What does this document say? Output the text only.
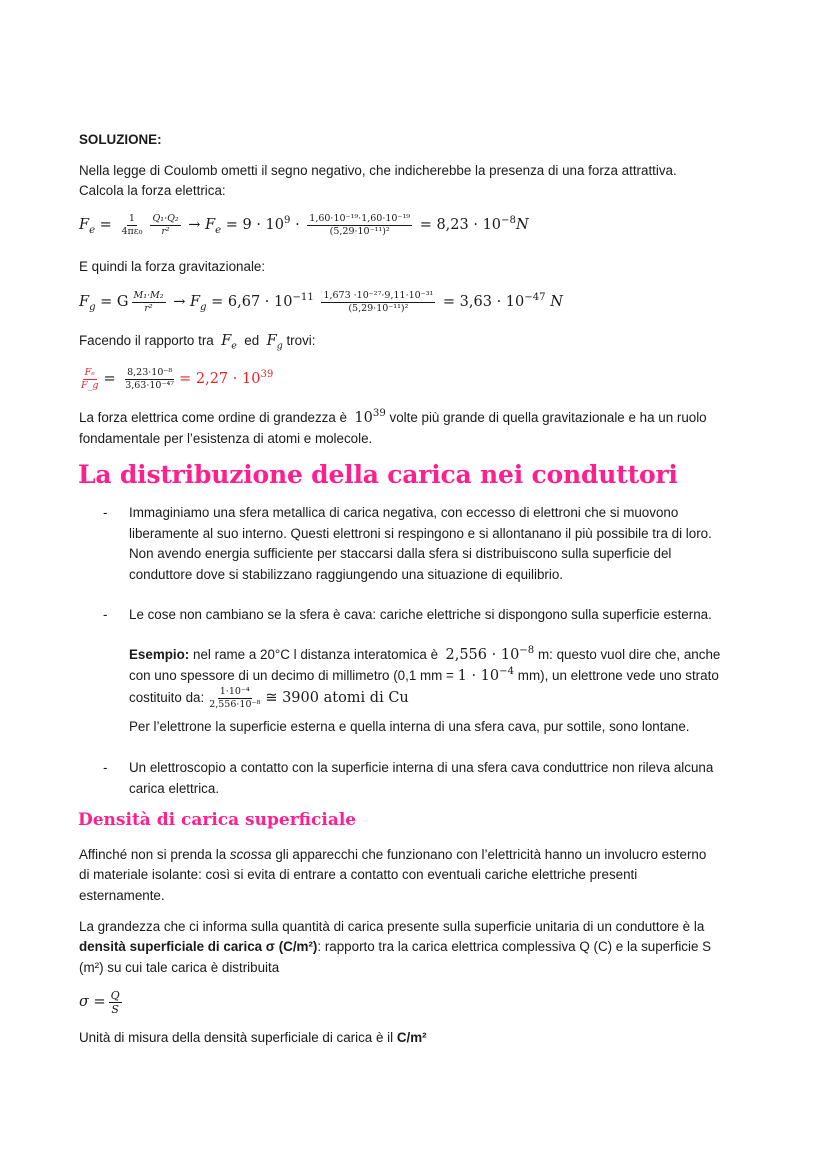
SOLUZIONE:
Nella legge di Coulomb ometti il segno negativo, che indicherebbe la presenza di una forza attrattiva.
Calcola la forza elettrica:
$F_e = \frac{1}{\text{4πε₀}} \frac{\text{Q₁·Q₂}}{\text{r²}} \to F_e = 9 \cdot 10^9 \cdot \frac{\text{1,60·10⁻¹⁹·1,60·10⁻¹⁹}}{\text{(5,29·10⁻¹¹)²}} = 8,23 \cdot 10^{-8}N$
E quindi la forza gravitazionale:
$F_g = G \frac{\text{M₁·M₂}}{\text{r²}} \to F_g = 6,67 \cdot 10^{-11} \frac{\text{1,673 ·10⁻²⁷·9,11·10⁻³¹}}{\text{(5,29·10⁻¹¹)²}} = 3,63 \cdot 10^{-47}$ N
Facendo il rapporto tra $F_e$ ed $F_g$ trovi:
$\frac{\text{Fₑ}}{F\_g} = \frac{\text{8,23·10⁻⁸}}{\text{3,63·10⁻⁴⁷}} = 2,27 \cdot 10^{39}$
La forza elettrica come ordine di grandezza è $10^{39}$ volte più grande di quella gravitazionale e ha un ruolo
fondamentale per l’esistenza di atomi e molecole.
La distribuzione della carica nei conduttori
- Immaginiamo una sfera metallica di carica negativa, con eccesso di elettroni che si muovono
liberamente al suo interno. Questi elettroni si respingono e si allontanano il più possibile tra di loro.
Non avendo energia sufficiente per staccarsi dalla sfera si distribuiscono sulla superficie del
conduttore dove si stabilizzano raggiungendo una situazione di equilibrio.
- Le cose non cambiano se la sfera è cava: cariche elettriche si dispongono sulla superficie esterna.
Esempio: nel rame a 20°C l distanza interatomica è $2,556 \cdot 10^{-8}$ m: questo vuol dire che, anche
con uno spessore di un decimo di millimetro (0,1 mm = $1 \cdot 10^{-4}$ mm), un elettrone vede uno strato
costituito da: $\frac{\text{1·10⁻⁴}}{\text{2,556·10⁻⁸}}$ ≅ 3900 atomi di Cu
Per l’elettrone la superficie esterna e quella interna di una sfera cava, pur sottile, sono lontane.
- Un elettroscopio a contatto con la superficie interna di una sfera cava conduttrice non rileva alcuna
carica elettrica.
Densità di carica superficiale
Affinché non si prenda la scossa gli apparecchi che funzionano con l’elettricità hanno un involucro esterno
di materiale isolante: così si evita di entrare a contatto con eventuali cariche elettriche presenti
esternamente.
La grandezza che ci informa sulla quantità di carica presente sulla superficie unitaria di un conduttore è la
densità superficiale di carica σ (C/m²): rapporto tra la carica elettrica complessiva Q (C) e la superficie S
(m²) su cui tale carica è distribuita
$\sigma = \frac{Q}{S}$
Unità di misura della densità superficiale di carica è il C/m²
